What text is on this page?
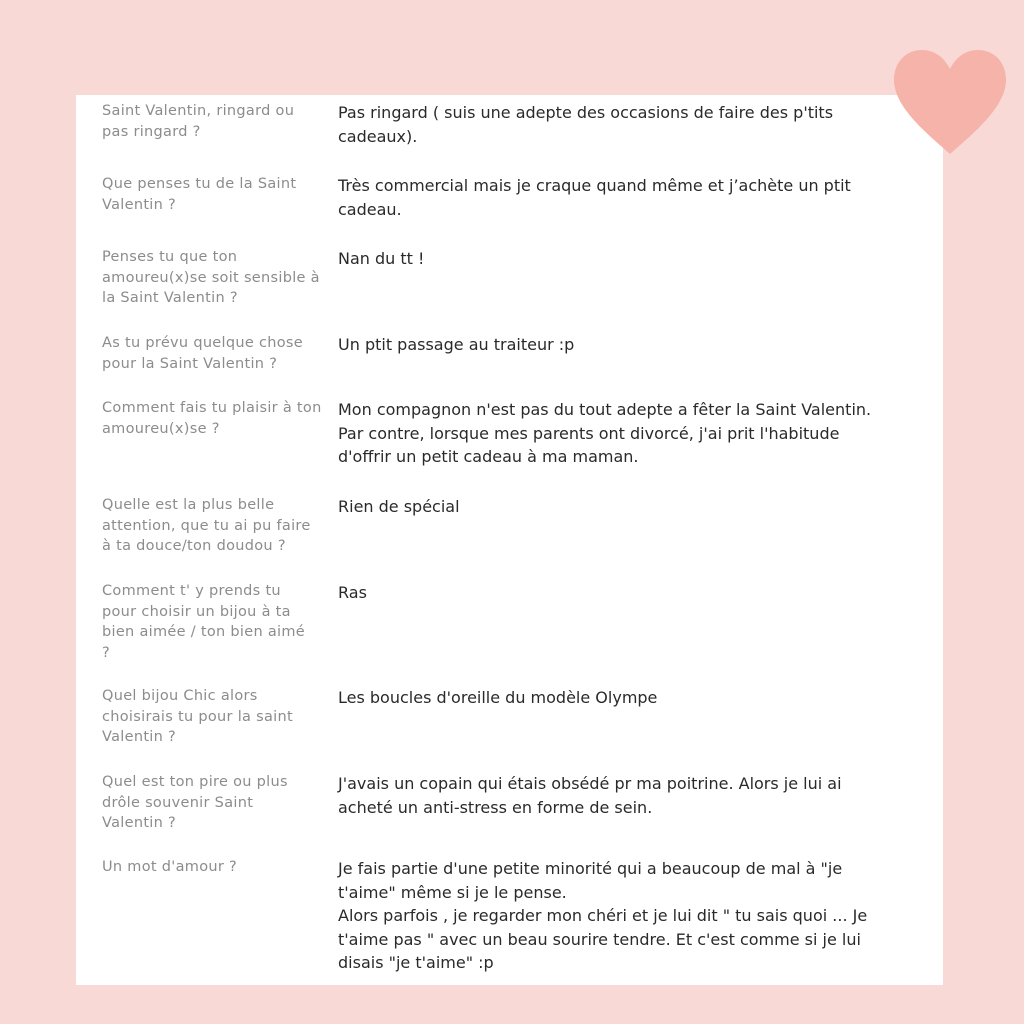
Saint Valentin, ringard ou
pas ringard ?
Pas ringard ( suis une adepte des occasions de faire des p'tits
cadeaux).
Que penses tu de la Saint
Valentin ?
Très commercial mais je craque quand même et j’achète un ptit
cadeau.
Penses tu que ton
amoureu(x)se soit sensible à
la Saint Valentin ?
Nan du tt !
As tu prévu quelque chose
pour la Saint Valentin ?
Un ptit passage au traiteur :p
Comment fais tu plaisir à ton
amoureu(x)se ?
Mon compagnon n'est pas du tout adepte a fêter la Saint Valentin.
Par contre, lorsque mes parents ont divorcé, j'ai prit l'habitude
d'offrir un petit cadeau à ma maman.
Quelle est la plus belle
attention, que tu ai pu faire
à ta douce/ton doudou ?
Rien de spécial
Comment t' y prends tu
pour choisir un bijou à ta
bien aimée / ton bien aimé
?
Ras
Quel bijou Chic alors
choisirais tu pour la saint
Valentin ?
Les boucles d'oreille du modèle Olympe
Quel est ton pire ou plus
drôle souvenir Saint
Valentin ?
J'avais un copain qui étais obsédé pr ma poitrine. Alors je lui ai
acheté un anti-stress en forme de sein.
Un mot d'amour ?	Je fais partie d'une petite minorité qui a beaucoup de mal à "je
t'aime" même si je le pense.
Alors parfois , je regarder mon chéri et je lui dit " tu sais quoi ... Je
t'aime pas " avec un beau sourire tendre. Et c'est comme si je lui
disais "je t'aime" :p
